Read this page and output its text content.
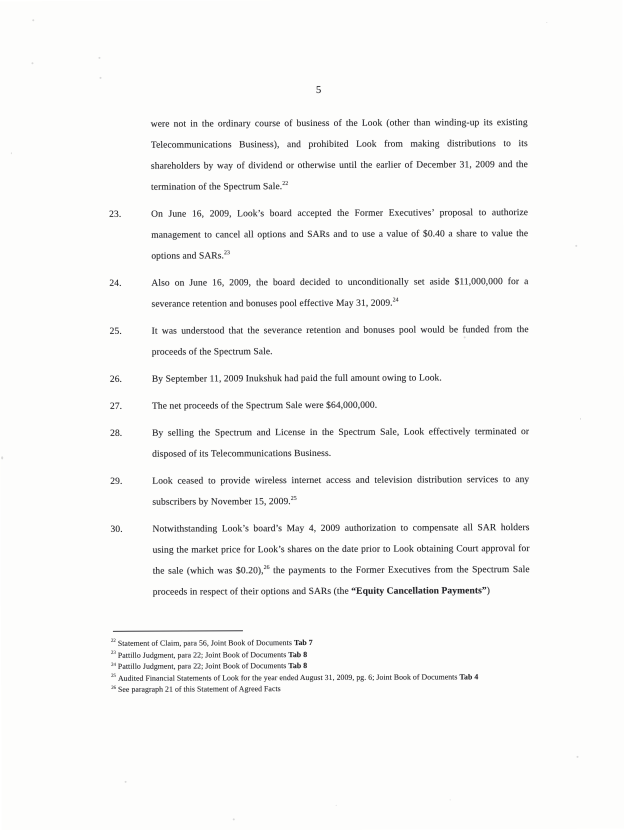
5
were not in the ordinary course of business of the Look (other than winding-up its existing Telecommunications Business), and prohibited Look from making distributions to its shareholders by way of dividend or otherwise until the earlier of December 31, 2009 and the termination of the Spectrum Sale.$^{22}$
23.	On June 16, 2009, Look’s board accepted the Former Executives’ proposal to authorize management to cancel all options and SARs and to use a value of $0.40 a share to value the options and SARs.$^{23}$
24.	Also on June 16, 2009, the board decided to unconditionally set aside $11,000,000 for a severance retention and bonuses pool effective May 31, 2009.24
25.	It was understood that the severance retention and bonuses pool would be funded from the proceeds of the Spectrum Sale.
26.	By September 11, 2009 Inukshuk had paid the full amount owing to Look.
27.	The net proceeds of the Spectrum Sale were $64,000,000.
28.	By selling the Spectrum and License in the Spectrum Sale, Look effectively terminated or disposed of its Telecommunications Business.
29.	Look ceased to provide wireless internet access and television distribution services to any subscribers by November 15, 2009.25
30.	Notwithstanding Look’s board’s May 4, 2009 authorization to compensate all SAR holders using the market price for Look’s shares on the date prior to Look obtaining Court approval for the sale (which was $0.20),$^{26}$ the payments to the Former Executives from the Spectrum Sale proceeds in respect of their options and SARs (the “Equity Cancellation Payments”)
$^{22}$ Statement of Claim, para 56, Joint Book of Documents Tab 7
$^{23}$ Pattillo Judgment, para 22; Joint Book of Documents Tab 8
$^{24}$ Pattillo Judgment, para 22; Joint Book of Documents Tab 8
$^{25}$ Audited Financial Statements of Look for the year ended August 31, 2009, pg. 6; Joint Book of Documents Tab 4
$^{26}$ See paragraph 21 of this Statement of Agreed Facts
